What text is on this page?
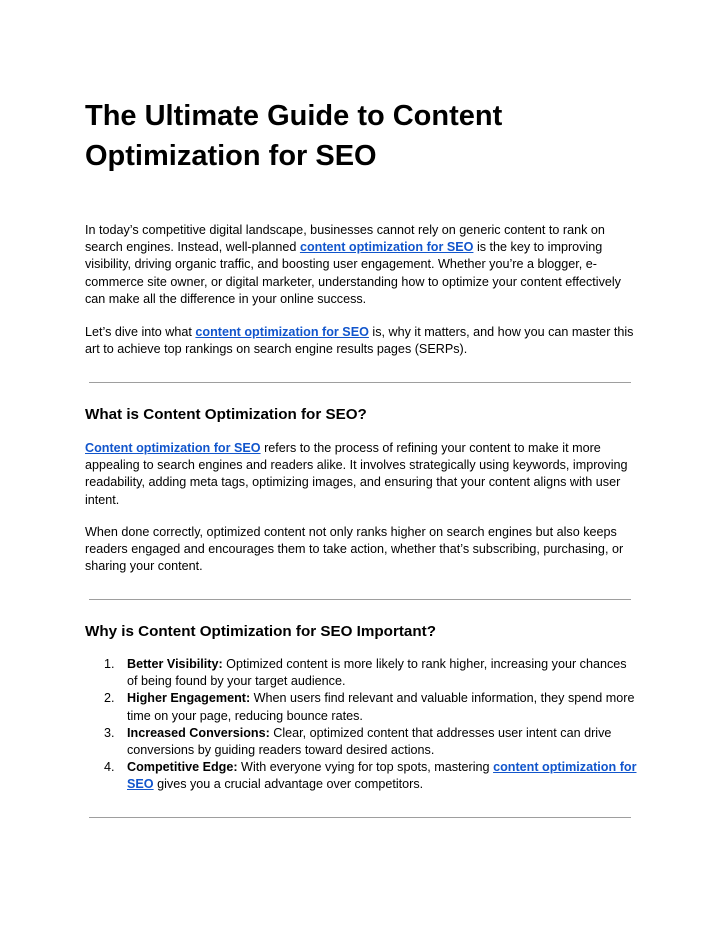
The Ultimate Guide to Content Optimization for SEO

In today’s competitive digital landscape, businesses cannot rely on generic content to rank on search engines. Instead, well-planned content optimization for SEO is the key to improving visibility, driving organic traffic, and boosting user engagement. Whether you’re a blogger, e-commerce site owner, or digital marketer, understanding how to optimize your content effectively can make all the difference in your online success.

Let’s dive into what content optimization for SEO is, why it matters, and how you can master this art to achieve top rankings on search engine results pages (SERPs).

What is Content Optimization for SEO?

Content optimization for SEO refers to the process of refining your content to make it more appealing to search engines and readers alike. It involves strategically using keywords, improving readability, adding meta tags, optimizing images, and ensuring that your content aligns with user intent.

When done correctly, optimized content not only ranks higher on search engines but also keeps readers engaged and encourages them to take action, whether that’s subscribing, purchasing, or sharing your content.

Why is Content Optimization for SEO Important?
1. Better Visibility: Optimized content is more likely to rank higher, increasing your chances of being found by your target audience.
2. Higher Engagement: When users find relevant and valuable information, they spend more time on your page, reducing bounce rates.
3. Increased Conversions: Clear, optimized content that addresses user intent can drive conversions by guiding readers toward desired actions.
4. Competitive Edge: With everyone vying for top spots, mastering content optimization for SEO gives you a crucial advantage over competitors.
